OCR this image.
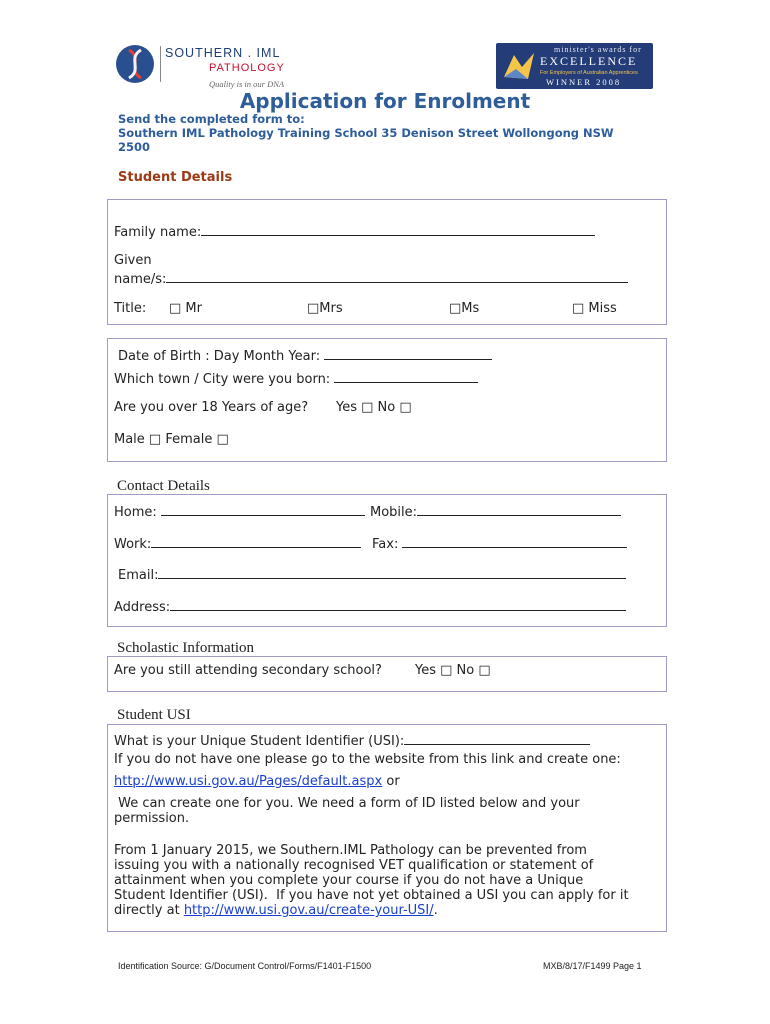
SOUTHERN . IML
PATHOLOGY
Quality is in our DNA
minister's awards for
EXCELLENCE
For Employers of Australian Apprentices
WINNER 2008
Application for Enrolment
Send the completed form to:
Southern IML Pathology Training School 35 Denison Street Wollongong NSW
2500
Student Details
Family name:
Given
name/s:
Title: □ Mr	□Mrs	□Ms	□ Miss
Date of Birth : Day Month Year:
Which town / City were you born:
Are you over 18 Years of age? Yes □ No □
Male □ Female □
Contact Details
Home:	Mobile:
Work:	Fax:
Email:
Address:
Scholastic Information
Are you still attending secondary school?	Yes □ No □
Student USI
What is your Unique Student Identifier (USI):
If you do not have one please go to the website from this link and create one:
http://www.usi.gov.au/Pages/default.aspx or
We can create one for you. We need a form of ID listed below and your
permission.
From 1 January 2015, we Southern.IML Pathology can be prevented from
issuing you with a nationally recognised VET qualification or statement of
attainment when you complete your course if you do not have a Unique
Student Identifier (USI).  If you have not yet obtained a USI you can apply for it
directly at http://www.usi.gov.au/create-your-USI/.
Identification Source: G/Document Control/Forms/F1401-F1500	MXB/8/17/F1499 Page 1
